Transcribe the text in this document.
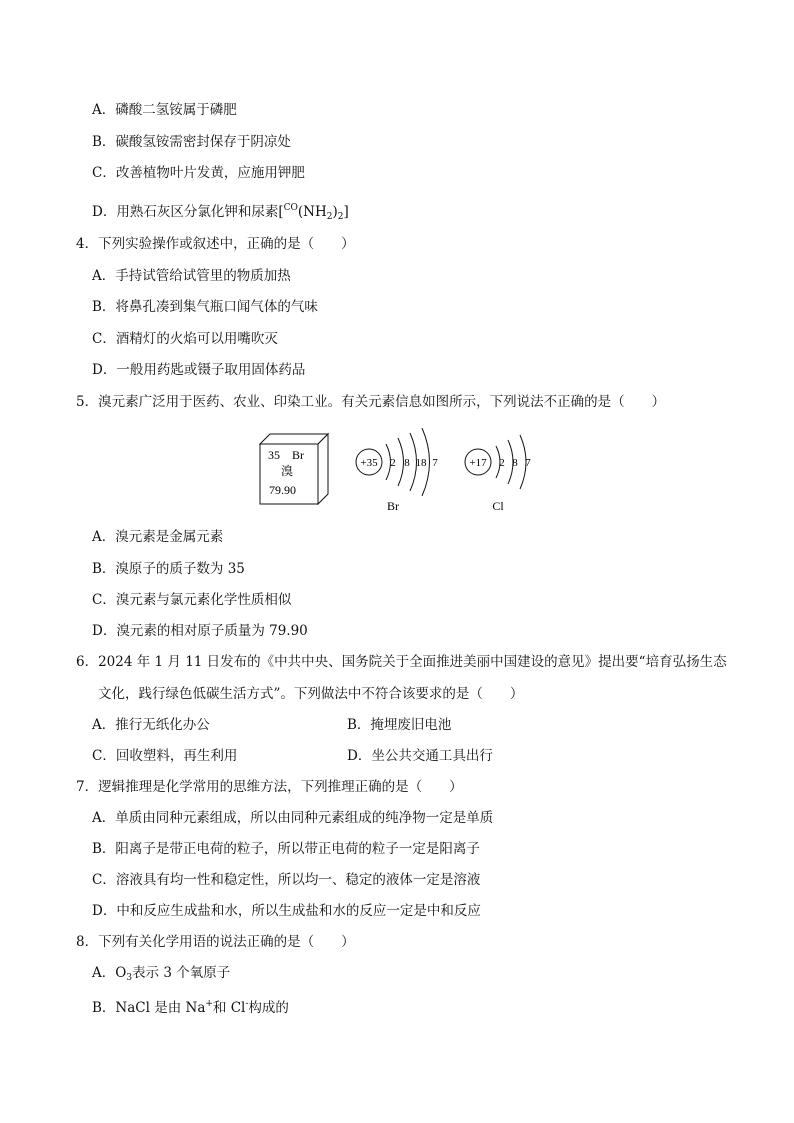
A．磷酸二氢铵属于磷肥
B．碳酸氢铵需密封保存于阴凉处
C．改善植物叶片发黄，应施用钾肥
D．用熟石灰区分氯化钾和尿素$[^{CO}(NH_2)_2]$
4．下列实验操作或叙述中，正确的是（　　）
A．手持试管给试管里的物质加热
B．将鼻孔凑到集气瓶口闻气体的气味
C．酒精灯的火焰可以用嘴吹灭
D．一般用药匙或镊子取用固体药品
5．溴元素广泛用于医药、农业、印染工业。有关元素信息如图所示，下列说法不正确的是（　　）
35 Br
溴
79.90
+35 2 8 18 7
Br
+17 2 8 7
Cl
A．溴元素是金属元素
B．溴原子的质子数为 35
C．溴元素与氯元素化学性质相似
D．溴元素的相对原子质量为 79.90
6．2024 年 1 月 11 日发布的《中共中央、国务院关于全面推进美丽中国建设的意见》提出要“培育弘扬生态
文化，践行绿色低碳生活方式”。下列做法中不符合该要求的是（　　）
A．推行无纸化办公	B．掩埋废旧电池
C．回收塑料，再生利用	D．坐公共交通工具出行
7．逻辑推理是化学常用的思维方法，下列推理正确的是（　　）
A．单质由同种元素组成，所以由同种元素组成的纯净物一定是单质
B．阳离子是带正电荷的粒子，所以带正电荷的粒子一定是阳离子
C．溶液具有均一性和稳定性，所以均一、稳定的液体一定是溶液
D．中和反应生成盐和水，所以生成盐和水的反应一定是中和反应
8．下列有关化学用语的说法正确的是（　　）
A．$O_3$表示 3 个氧原子
B．NaCl 是由 Na+和 Cl-构成的
